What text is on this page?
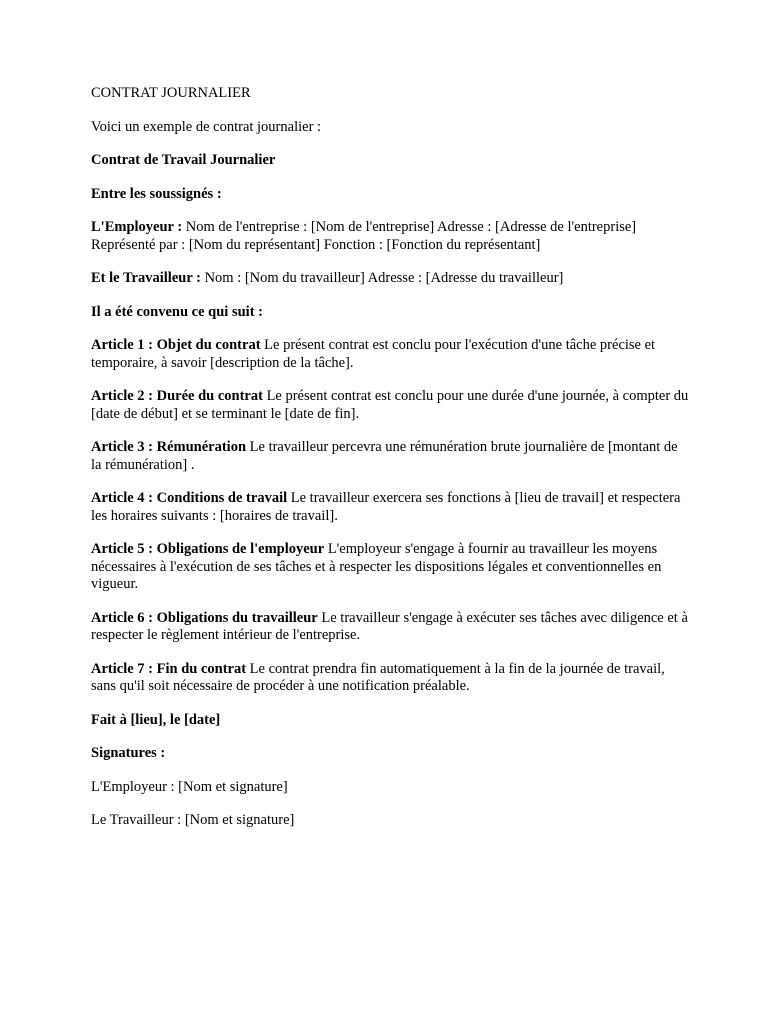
CONTRAT JOURNALIER

Voici un exemple de contrat journalier :

Contrat de Travail Journalier

Entre les soussignés :

L'Employeur : Nom de l'entreprise : [Nom de l'entreprise] Adresse : [Adresse de l'entreprise] Représenté par : [Nom du représentant] Fonction : [Fonction du représentant]

Et le Travailleur : Nom : [Nom du travailleur] Adresse : [Adresse du travailleur]

Il a été convenu ce qui suit :

Article 1 : Objet du contrat Le présent contrat est conclu pour l'exécution d'une tâche précise et temporaire, à savoir [description de la tâche].

Article 2 : Durée du contrat Le présent contrat est conclu pour une durée d'une journée, à compter du [date de début] et se terminant le [date de fin].

Article 3 : Rémunération Le travailleur percevra une rémunération brute journalière de [montant de la rémunération] .

Article 4 : Conditions de travail Le travailleur exercera ses fonctions à [lieu de travail] et respectera les horaires suivants : [horaires de travail].

Article 5 : Obligations de l'employeur L'employeur s'engage à fournir au travailleur les moyens nécessaires à l'exécution de ses tâches et à respecter les dispositions légales et conventionnelles en vigueur.

Article 6 : Obligations du travailleur Le travailleur s'engage à exécuter ses tâches avec diligence et à respecter le règlement intérieur de l'entreprise.

Article 7 : Fin du contrat Le contrat prendra fin automatiquement à la fin de la journée de travail, sans qu'il soit nécessaire de procéder à une notification préalable.

Fait à [lieu], le [date]

Signatures :

L'Employeur : [Nom et signature]

Le Travailleur : [Nom et signature]
